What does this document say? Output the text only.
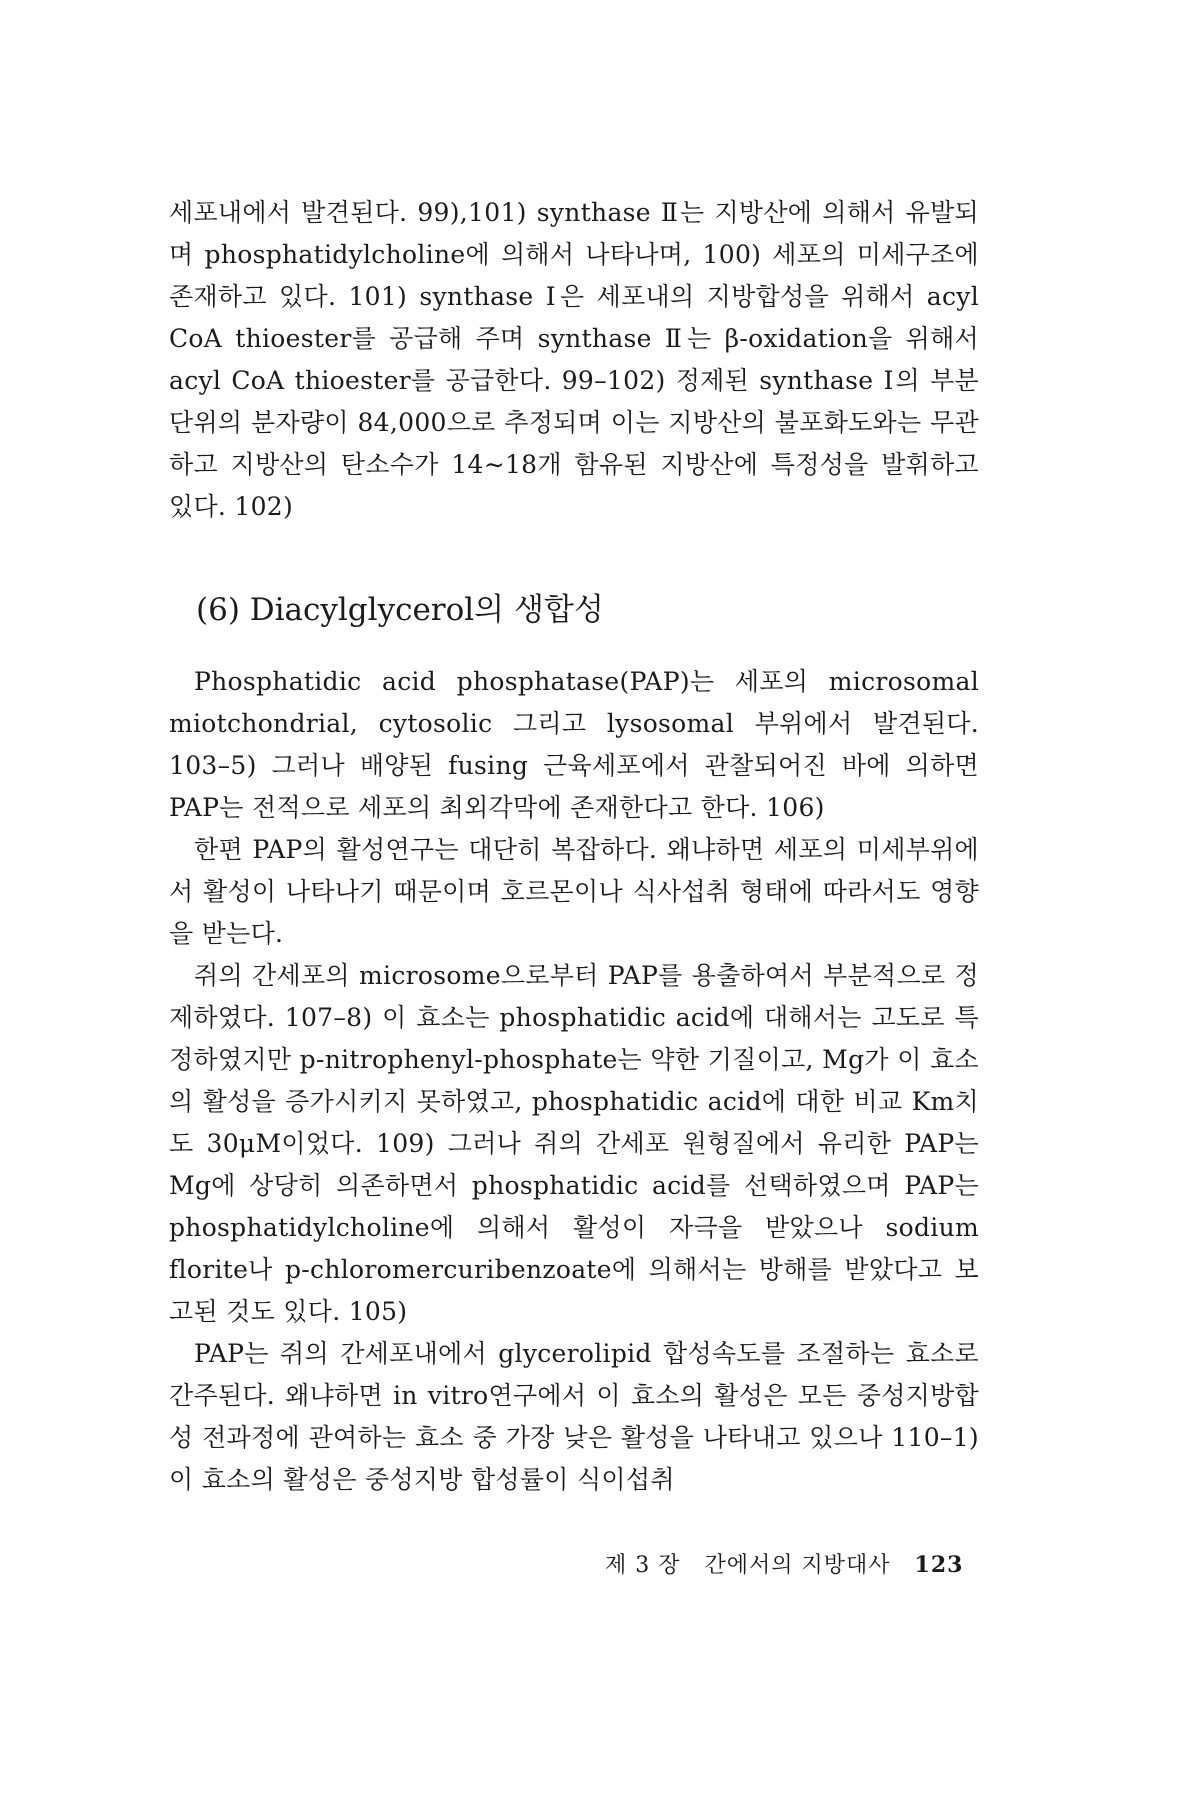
세포내에서 발견된다. 99),101) synthase Ⅱ는 지방산에 의해서 유발되며 phosphatidylcholine에 의해서 나타나며, 100) 세포의 미세구조에 존재하고 있다. 101) synthase Ⅰ은 세포내의 지방합성을 위해서 acyl CoA thioester를 공급해 주며 synthase Ⅱ는 β-oxidation을 위해서 acyl CoA thioester를 공급한다. 99–102) 정제된 synthase Ⅰ의 부분단위의 분자량이 84,000으로 추정되며 이는 지방산의 불포화도와는 무관하고 지방산의 탄소수가 14∼18개 함유된 지방산에 특정성을 발휘하고 있다. 102)

(6) Diacylglycerol의 생합성

Phosphatidic acid phosphatase(PAP)는 세포의 microsomal miotchondrial, cytosolic 그리고 lysosomal 부위에서 발견된다. 103–5) 그러나 배양된 fusing 근육세포에서 관찰되어진 바에 의하면 PAP는 전적으로 세포의 최외각막에 존재한다고 한다. 106)

한편 PAP의 활성연구는 대단히 복잡하다. 왜냐하면 세포의 미세부위에서 활성이 나타나기 때문이며 호르몬이나 식사섭취 형태에 따라서도 영향을 받는다.

쥐의 간세포의 microsome으로부터 PAP를 용출하여서 부분적으로 정제하였다. 107–8) 이 효소는 phosphatidic acid에 대해서는 고도로 특정하였지만 p-nitrophenyl-phosphate는 약한 기질이고, Mg가 이 효소의 활성을 증가시키지 못하였고, phosphatidic acid에 대한 비교 Km치도 30μM이었다. 109) 그러나 쥐의 간세포 원형질에서 유리한 PAP는 Mg에 상당히 의존하면서 phosphatidic acid를 선택하였으며 PAP는 phosphatidylcholine에 의해서 활성이 자극을 받았으나 sodium florite나 p-chloromercuribenzoate에 의해서는 방해를 받았다고 보고된 것도 있다. 105)

PAP는 쥐의 간세포내에서 glycerolipid 합성속도를 조절하는 효소로 간주된다. 왜냐하면 in vitro연구에서 이 효소의 활성은 모든 중성지방합성 전과정에 관여하는 효소 중 가장 낮은 활성을 나타내고 있으나 110–1) 이 효소의 활성은 중성지방 합성률이 식이섭취

제 3 장 간에서의 지방대사 123
